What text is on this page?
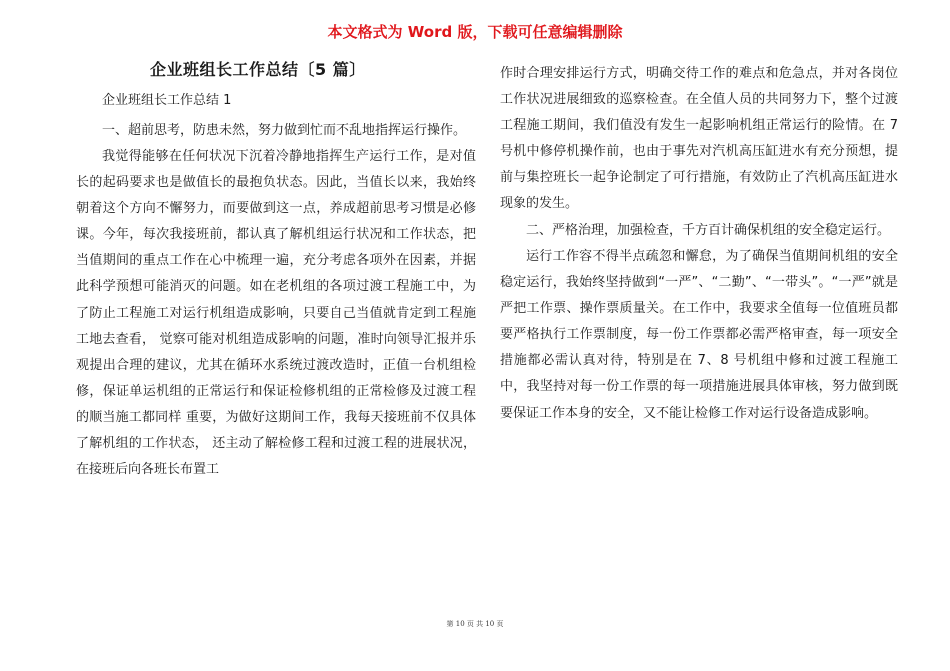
本文格式为 Word 版，下载可任意编辑删除
企业班组长工作总结〔5 篇〕
企业班组长工作总结 1

一、超前思考，防患未然，努力做到忙而不乱地指挥运行操作。

我觉得能够在任何状况下沉着冷静地指挥生产运行工作，是对值长的起码要求也是做值长的最抱负状态。因此，当值长以来，我始终朝着这个方向不懈努力，而要做到这一点，养成超前思考习惯是必修课。今年，每次我接班前，都认真了解机组运行状况和工作状态，把当值期间的重点工作在心中梳理一遍，充分考虑各项外在因素，并据此科学预想可能消灭的问题。如在老机组的各项过渡工程施工中，为了防止工程施工对运行机组造成影响，只要自己当值就肯定到工程施工地去查看， 觉察可能对机组造成影响的问题，准时向领导汇报并乐观提出合理的建议，尤其在循环水系统过渡改造时，正值一台机组检修，保证单运机组的正常运行和保证检修机组的正常检修及过渡工程的顺当施工都同样 重要，为做好这期间工作，我每天接班前不仅具体了解机组的工作状态， 还主动了解检修工程和过渡工程的进展状况，在接班后向各班长布置工

作时合理安排运行方式，明确交待工作的难点和危急点，并对各岗位工作状况进展细致的巡察检查。在全值人员的共同努力下，整个过渡工程施工期间，我们值没有发生一起影响机组正常运行的险情。在 7 号机中修停机操作前，也由于事先对汽机高压缸进水有充分预想，提前与集控班长一起争论制定了可行措施，有效防止了汽机高压缸进水现象的发生。

二、严格治理，加强检查，千方百计确保机组的安全稳定运行。

运行工作容不得半点疏忽和懈怠，为了确保当值期间机组的安全稳定运行，我始终坚持做到“一严”、“二勤”、“一带头”。“一严”就是严把工作票、操作票质量关。在工作中，我要求全值每一位值班员都要严格执行工作票制度，每一份工作票都必需严格审查，每一项安全措施都必需认真对待，特别是在 7、8 号机组中修和过渡工程施工中，我坚持对每一份工作票的每一项措施进展具体审核，努力做到既要保证工作本身的安全，又不能让检修工作对运行设备造成影响。

第 10 页 共 10 页
